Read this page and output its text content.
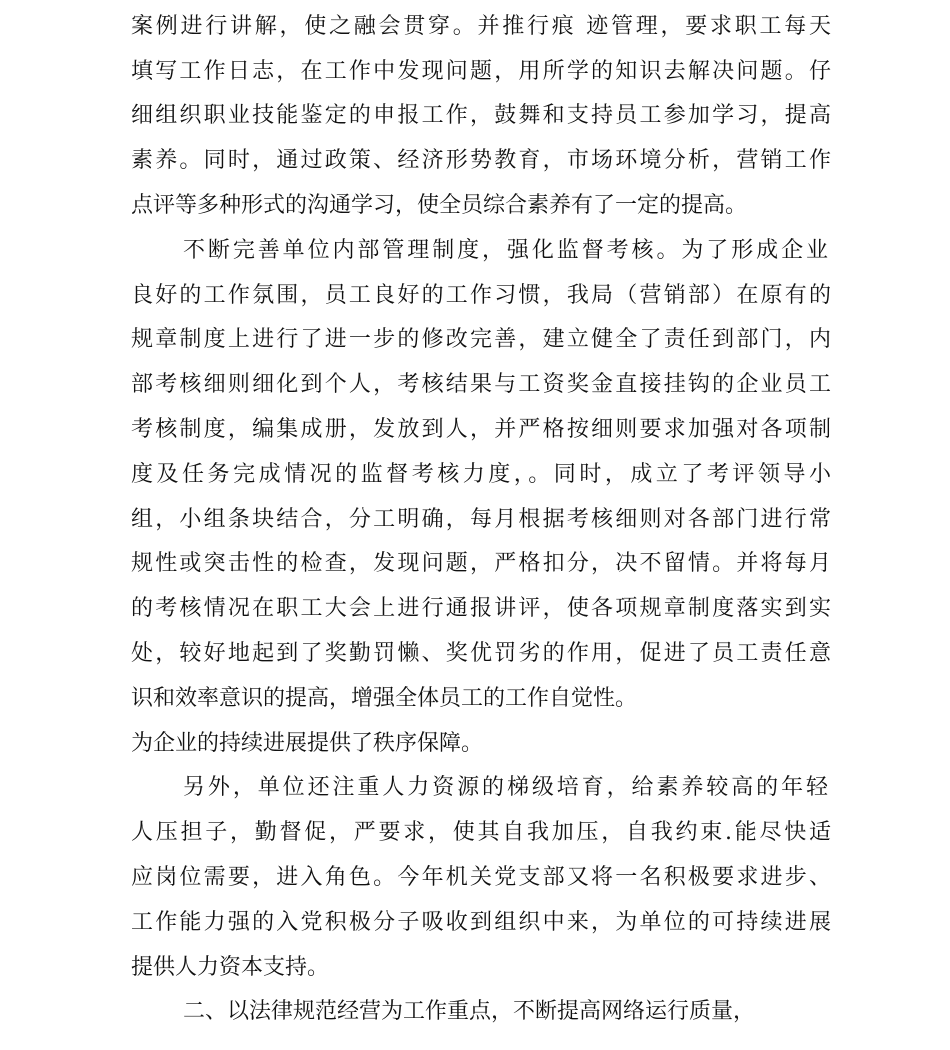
案例进行讲解，使之融会贯穿。并推行痕 迹管理，要求职工每天
填写工作日志，在工作中发现问题，用所学的知识去解决问题。仔
细组织职业技能鉴定的申报工作，鼓舞和支持员工参加学习，提高
素养。同时，通过政策、经济形势教育，市场环境分析，营销工作
点评等多种形式的沟通学习，使全员综合素养有了一定的提高。
不断完善单位内部管理制度，强化监督考核。为了形成企业
良好的工作氛围，员工良好的工作习惯，我局（营销部）在原有的
规章制度上进行了进一步的修改完善，建立健全了责任到部门，内
部考核细则细化到个人，考核结果与工资奖金直接挂钩的企业员工
考核制度，编集成册，发放到人，并严格按细则要求加强对各项制
度及任务完成情况的监督考核力度，。同时，成立了考评领导小
组，小组条块结合，分工明确，每月根据考核细则对各部门进行常
规性或突击性的检查，发现问题，严格扣分，决不留情。并将每月
的考核情况在职工大会上进行通报讲评，使各项规章制度落实到实
处，较好地起到了奖勤罚懒、奖优罚劣的作用，促进了员工责任意
识和效率意识的提高，增强全体员工的工作自觉性。
为企业的持续进展提供了秩序保障。
另外，单位还注重人力资源的梯级培育，给素养较高的年轻
人压担子，勤督促，严要求，使其自我加压，自我约束.能尽快适
应岗位需要，进入角色。今年机关党支部又将一名积极要求进步、
工作能力强的入党积极分子吸收到组织中来，为单位的可持续进展
提供人力资本支持。
二、以法律规范经营为工作重点，不断提高网络运行质量，
